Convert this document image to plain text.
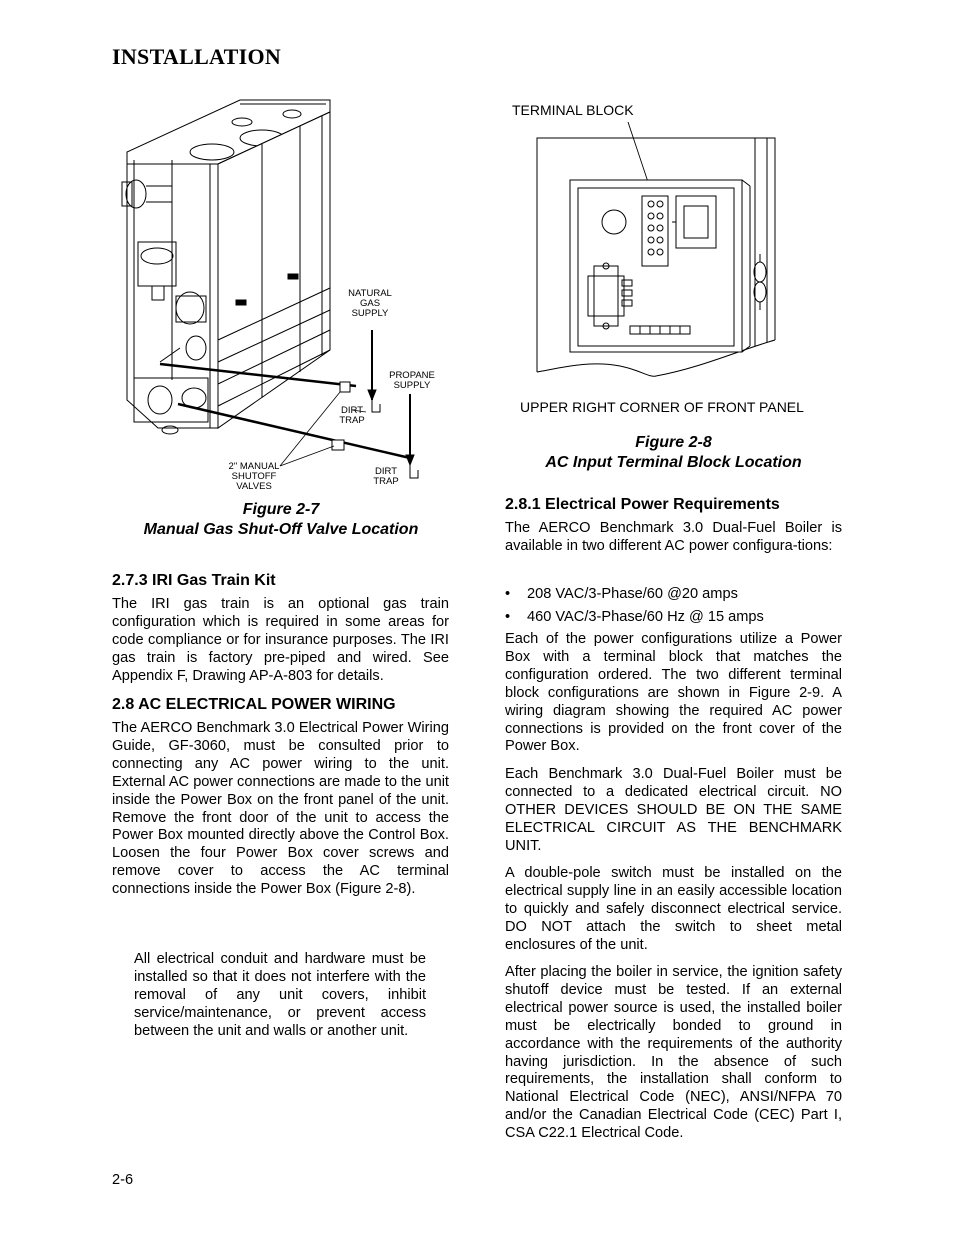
INSTALLATION
NATURAL
GAS
SUPPLY
PROPANE
SUPPLY
DIRT
TRAP
DIRT
TRAP
2" MANUAL
SHUTOFF
VALVES
Figure 2-7
Manual Gas Shut-Off Valve Location
TERMINAL BLOCK
UPPER RIGHT CORNER OF FRONT PANEL
Figure 2-8
AC Input Terminal Block Location
2.7.3 IRI Gas Train Kit

The IRI gas train is an optional gas train configuration which is required in some areas for code compliance or for insurance purposes. The IRI gas train is factory pre-piped and wired. See Appendix F, Drawing AP-A-803 for details.

2.8 AC ELECTRICAL POWER WIRING

The AERCO Benchmark 3.0 Electrical Power Wiring Guide, GF-3060, must be consulted prior to connecting any AC power wiring to the unit. External AC power connections are made to the unit inside the Power Box on the front panel of the unit. Remove the front door of the unit to access the Power Box mounted directly above the Control Box. Loosen the four Power Box cover screws and remove cover to access the AC terminal connections inside the Power Box (Figure 2-8).

All electrical conduit and hardware must be installed so that it does not interfere with the removal of any unit covers, inhibit service/maintenance, or prevent access between the unit and walls or another unit.

2.8.1 Electrical Power Requirements

The AERCO Benchmark 3.0 Dual-Fuel Boiler is available in two different AC power configura-tions:

• 208 VAC/3-Phase/60 @20 amps
• 460 VAC/3-Phase/60 Hz @ 15 amps

Each of the power configurations utilize a Power Box with a terminal block that matches the configuration ordered. The two different terminal block configurations are shown in Figure 2-9. A wiring diagram showing the required AC power connections is provided on the front cover of the Power Box.

Each Benchmark 3.0 Dual-Fuel Boiler must be connected to a dedicated electrical circuit. NO OTHER DEVICES SHOULD BE ON THE SAME ELECTRICAL CIRCUIT AS THE BENCHMARK UNIT.

A double-pole switch must be installed on the electrical supply line in an easily accessible location to quickly and safely disconnect electrical service. DO NOT attach the switch to sheet metal enclosures of the unit.

After placing the boiler in service, the ignition safety shutoff device must be tested. If an external electrical power source is used, the installed boiler must be electrically bonded to ground in accordance with the requirements of the authority having jurisdiction. In the absence of such requirements, the installation shall conform to National Electrical Code (NEC), ANSI/NFPA 70 and/or the Canadian Electrical Code (CEC) Part I, CSA C22.1 Electrical Code.

2-6
